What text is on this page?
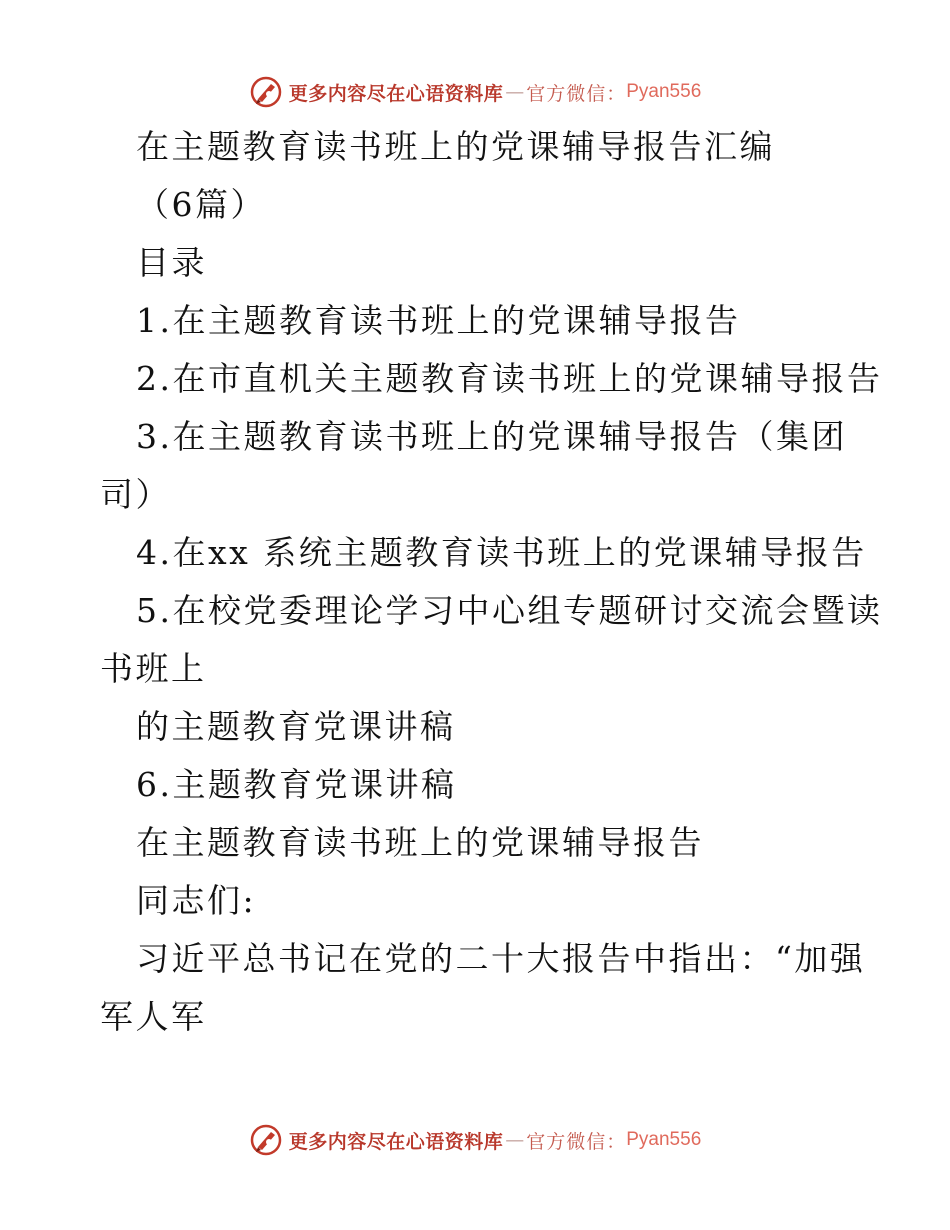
更多内容尽在心语资料库 — 官方微信： Pyan556
在主题教育读书班上的党课辅导报告汇编
（6篇）
目录
1.在主题教育读书班上的党课辅导报告
2.在市直机关主题教育读书班上的党课辅导报告
3.在主题教育读书班上的党课辅导报告（集团
司）
4.在xx 系统主题教育读书班上的党课辅导报告
5.在校党委理论学习中心组专题研讨交流会暨读
书班上
的主题教育党课讲稿
6.主题教育党课讲稿
在主题教育读书班上的党课辅导报告
同志们:
习近平总书记在党的二十大报告中指出：“加强
军人军
更多内容尽在心语资料库 — 官方微信： Pyan556
